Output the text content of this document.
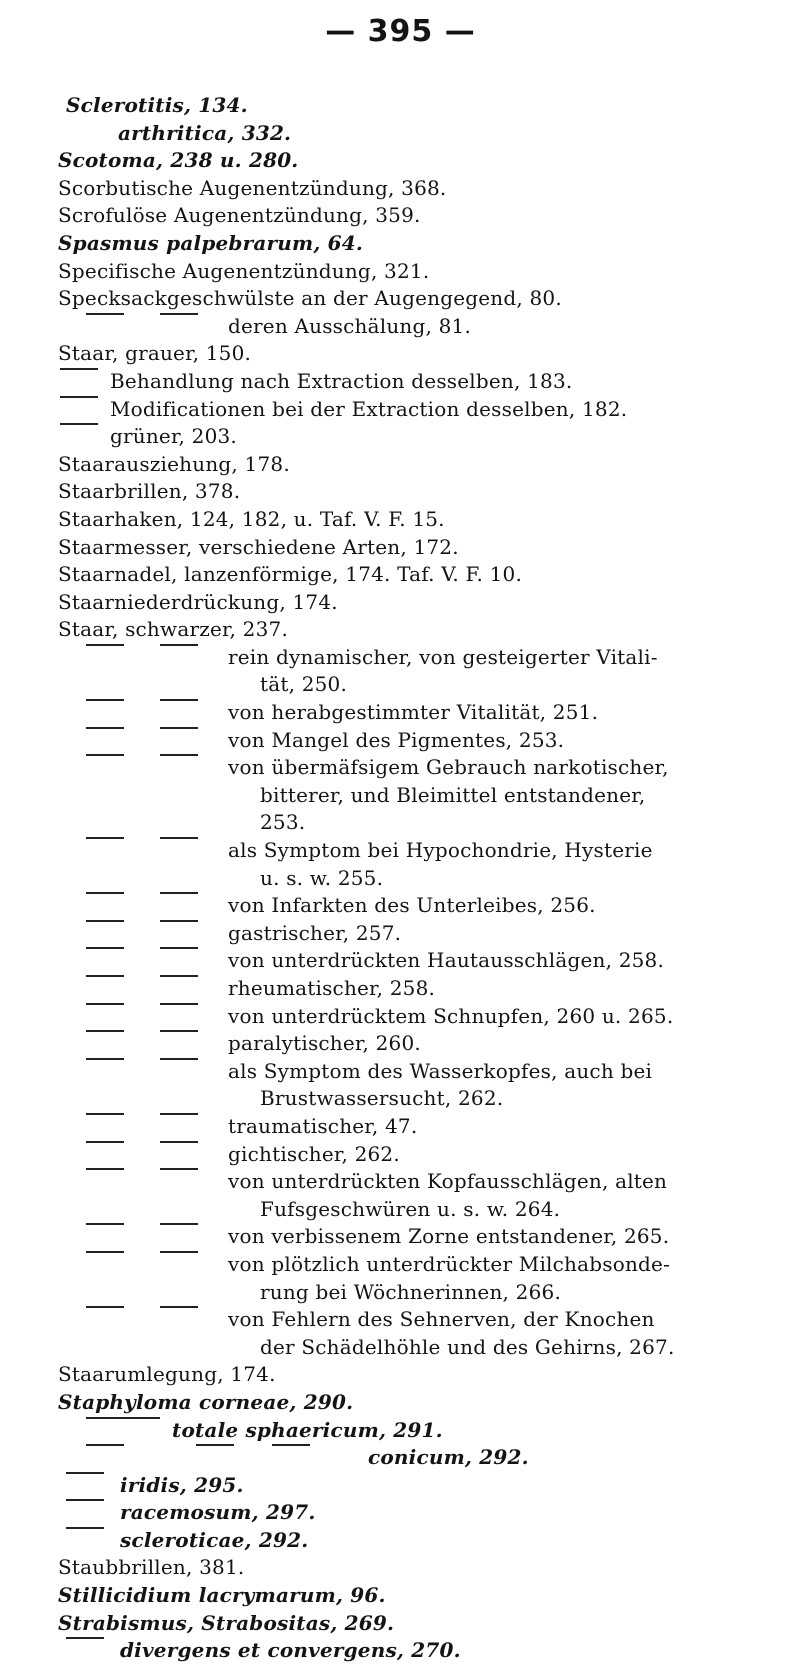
— 395 —
Sclerotitis, 134.
arthritica, 332.
Scotoma, 238 u. 280.
Scorbutische Augenentzündung, 368.
Scrofulöse Augenentzündung, 359.
Spasmus palpebrarum, 64.
Specifische Augenentzündung, 321.
Specksackgeschwülste an der Augengegend, 80.
deren Ausschälung, 81.
Staar, grauer, 150.
Behandlung nach Extraction desselben, 183.
Modificationen bei der Extraction desselben, 182.
grüner, 203.
Staarausziehung, 178.
Staarbrillen, 378.
Staarhaken, 124, 182, u. Taf. V. F. 15.
Staarmesser, verschiedene Arten, 172.
Staarnadel, lanzenförmige, 174. Taf. V. F. 10.
Staarniederdrückung, 174.
Staar, schwarzer, 237.
rein dynamischer, von gesteigerter Vitali-
tät, 250.
von herabgestimmter Vitalität, 251.
von Mangel des Pigmentes, 253.
von übermäfsigem Gebrauch narkotischer,
bitterer, und Bleimittel entstandener,
253.
als Symptom bei Hypochondrie, Hysterie
u. s. w. 255.
von Infarkten des Unterleibes, 256.
gastrischer, 257.
von unterdrückten Hautausschlägen, 258.
rheumatischer, 258.
von unterdrücktem Schnupfen, 260 u. 265.
paralytischer, 260.
als Symptom des Wasserkopfes, auch bei
Brustwassersucht, 262.
traumatischer, 47.
gichtischer, 262.
von unterdrückten Kopfausschlägen, alten
Fufsgeschwüren u. s. w. 264.
von verbissenem Zorne entstandener, 265.
von plötzlich unterdrückter Milchabsonde-
rung bei Wöchnerinnen, 266.
von Fehlern des Sehnerven, der Knochen
der Schädelhöhle und des Gehirns, 267.
Staarumlegung, 174.
Staphyloma corneae, 290.
totale sphaericum, 291.
conicum, 292.
iridis, 295.
racemosum, 297.
scleroticae, 292.
Staubbrillen, 381.
Stillicidium lacrymarum, 96.
Strabismus, Strabositas, 269.
divergens et convergens, 270.
